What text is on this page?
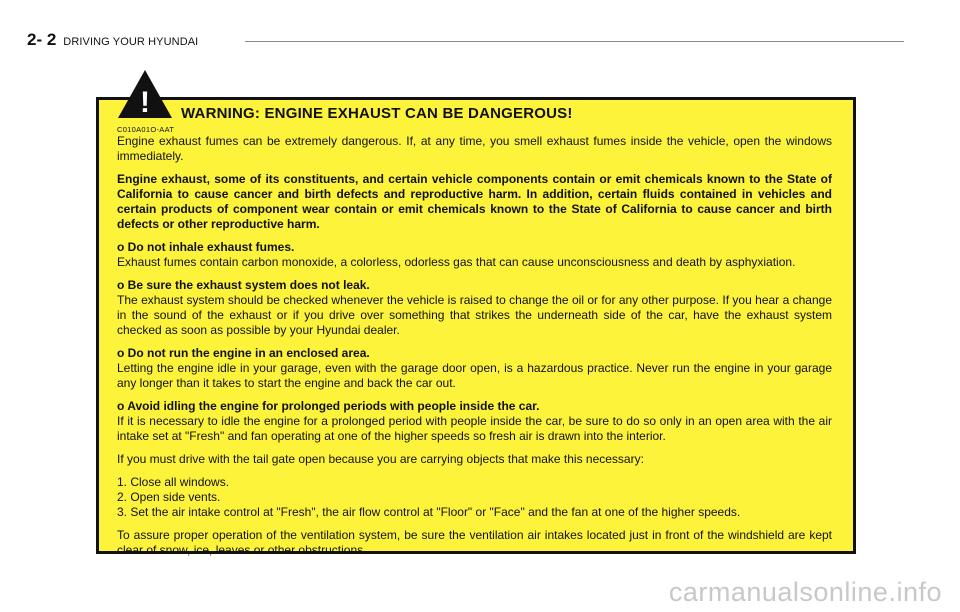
2- 2 DRIVING YOUR HYUNDAI
! WARNING: ENGINE EXHAUST CAN BE DANGEROUS!
C010A01O-AAT

Engine exhaust fumes can be extremely dangerous. If, at any time, you smell exhaust fumes inside the vehicle, open the windows immediately.

Engine exhaust, some of its constituents, and certain vehicle components contain or emit chemicals known to the State of California to cause cancer and birth defects and reproductive harm. In addition, certain fluids contained in vehicles and certain products of component wear contain or emit chemicals known to the State of California to cause cancer and birth defects or other reproductive harm.

o Do not inhale exhaust fumes.
Exhaust fumes contain carbon monoxide, a colorless, odorless gas that can cause unconsciousness and death by asphyxiation.

o Be sure the exhaust system does not leak.
The exhaust system should be checked whenever the vehicle is raised to change the oil or for any other purpose. If you hear a change in the sound of the exhaust or if you drive over something that strikes the underneath side of the car, have the exhaust system checked as soon as possible by your Hyundai dealer.

o Do not run the engine in an enclosed area.
Letting the engine idle in your garage, even with the garage door open, is a hazardous practice. Never run the engine in your garage any longer than it takes to start the engine and back the car out.

o Avoid idling the engine for prolonged periods with people inside the car.
If it is necessary to idle the engine for a prolonged period with people inside the car, be sure to do so only in an open area with the air intake set at "Fresh" and fan operating at one of the higher speeds so fresh air is drawn into the interior.

If you must drive with the tail gate open because you are carrying objects that make this necessary:

1. Close all windows.
2. Open side vents.
3. Set the air intake control at "Fresh", the air flow control at "Floor" or "Face" and the fan at one of the higher speeds.

To assure proper operation of the ventilation system, be sure the ventilation air intakes located just in front of the windshield are kept clear of snow, ice, leaves or other obstructions.

carmanualsonline.info
